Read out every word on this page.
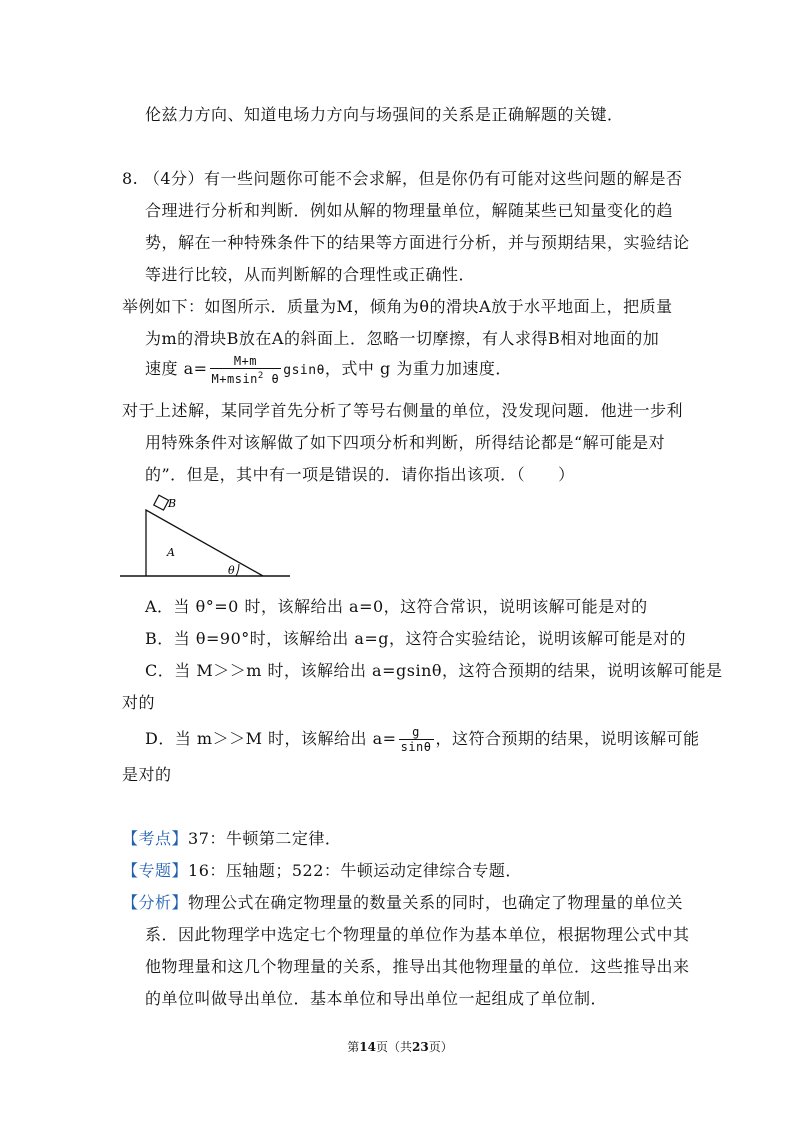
伦兹力方向、知道电场力方向与场强间的关系是正确解题的关键．
8. （4分）有一些问题你可能不会求解，但是你仍有可能对这些问题的解是否
合理进行分析和判断．例如从解的物理量单位，解随某些已知量变化的趋
势，解在一种特殊条件下的结果等方面进行分析，并与预期结果，实验结论
等进行比较，从而判断解的合理性或正确性．
举例如下：如图所示．质量为M，倾角为θ的滑块A放于水平地面上，把质量
为m的滑块B放在A的斜面上．忽略一切摩擦，有人求得B相对地面的加
速度 $a= \frac{M+m}{M+msin^2 \theta}$ gsinθ，式中 g 为重力加速度．
对于上述解，某同学首先分析了等号右侧量的单位，没发现问题．他进一步利
用特殊条件对该解做了如下四项分析和判断，所得结论都是“解可能是对
的”．但是，其中有一项是错误的．请你指出该项．（　　）
B
A
θ
A．当 θ°=0 时，该解给出 a=0，这符合常识，说明该解可能是对的
B．当 θ=90°时，该解给出 a=g，这符合实验结论，说明该解可能是对的
C．当 M＞＞m 时，该解给出 a=gsinθ，这符合预期的结果，说明该解可能是
对的
D．当 m＞＞M 时，该解给出 $a= \frac{g}{\sin\theta}$ ，这符合预期的结果，说明该解可能
是对的
【考点】37：牛顿第二定律．
【专题】16：压轴题；522：牛顿运动定律综合专题．
【分析】物理公式在确定物理量的数量关系的同时，也确定了物理量的单位关
系．因此物理学中选定七个物理量的单位作为基本单位，根据物理公式中其
他物理量和这几个物理量的关系，推导出其他物理量的单位．这些推导出来
的单位叫做导出单位．基本单位和导出单位一起组成了单位制．
第14页（共23页）
